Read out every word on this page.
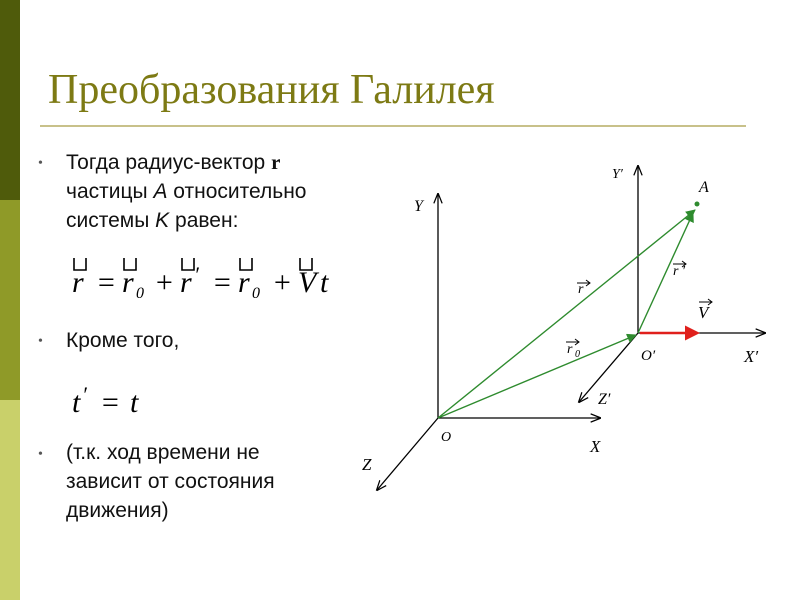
Преобразования Галилея
• Тогда радиус-вектор r
частицы A относительно
системы K равен:
r = r 0 + r ′ = r 0 + V t
• Кроме того,
t ′ = t
• (т.к. ход времени не
зависит от состояния
движения)
Y
Y′
A
r
r ′
V
r 0	O′	X′
Z′
O	X
Z
